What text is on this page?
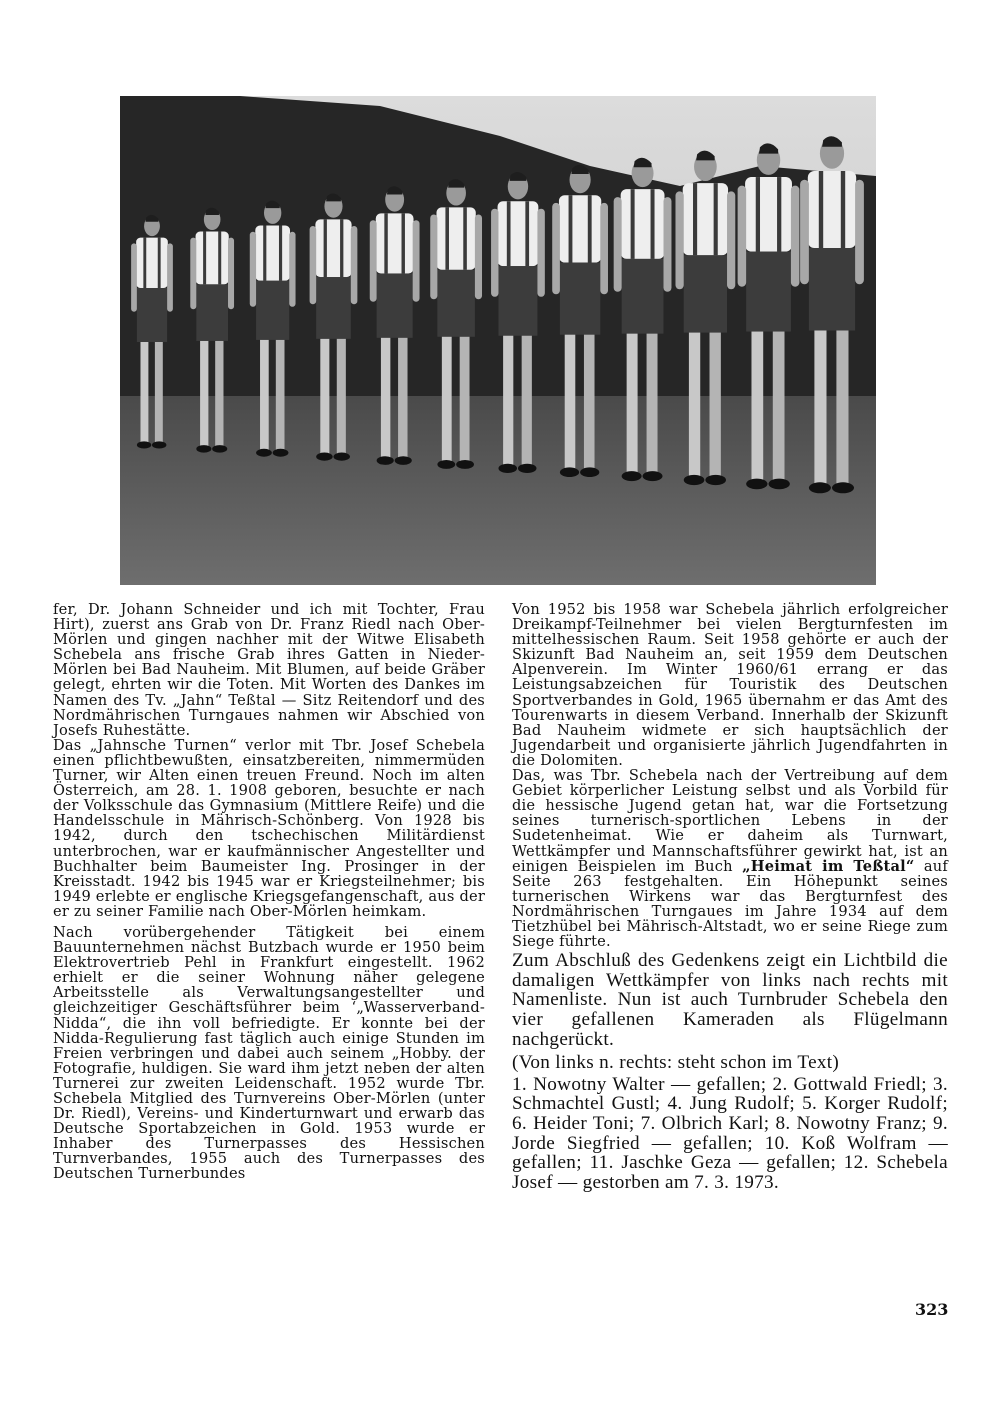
fer, Dr. Johann Schneider und ich mit Tochter, Frau Hirt), zuerst ans Grab von Dr. Franz Riedl nach Ober-Mörlen und gingen nachher mit der Witwe Elisabeth Schebela ans frische Grab ihres Gatten in Nieder-Mörlen bei Bad Nauheim. Mit Blumen, auf beide Gräber gelegt, ehrten wir die Toten. Mit Worten des Dankes im Namen des Tv. „Jahn“ Teßtal — Sitz Reitendorf und des Nordmährischen Turngaues nahmen wir Abschied von Josefs Ruhestätte.

Das „Jahnsche Turnen“ verlor mit Tbr. Josef Schebela einen pflichtbewußten, einsatzbereiten, nimmermüden Turner, wir Alten einen treuen Freund. Noch im alten Österreich, am 28. 1. 1908 geboren, besuchte er nach der Volksschule das Gymnasium (Mittlere Reife) und die Handelsschule in Mährisch-Schönberg. Von 1928 bis 1942, durch den tschechischen Militärdienst unterbrochen, war er kaufmännischer Angestellter und Buchhalter beim Baumeister Ing. Prosinger in der Kreisstadt. 1942 bis 1945 war er Kriegsteilnehmer; bis 1949 erlebte er englische Kriegsgefangenschaft, aus der er zu seiner Familie nach Ober-Mörlen heimkam.

Nach vorübergehender Tätigkeit bei einem Bauunternehmen nächst Butzbach wurde er 1950 beim Elektrovertrieb Pehl in Frankfurt eingestellt. 1962 erhielt er die seiner Wohnung näher gelegene Arbeitsstelle als Verwaltungsangestellter und gleichzeitiger Geschäftsführer beim ‘„Wasserverband-Nidda“, die ihn voll befriedigte. Er konnte bei der Nidda-Regulierung fast täglich auch einige Stunden im Freien verbringen und dabei auch seinem „Hobby. der Fotografie, huldigen. Sie ward ihm jetzt neben der alten Turnerei zur zweiten Leidenschaft. 1952 wurde Tbr. Schebela Mitglied des Turnvereins Ober-Mörlen (unter Dr. Riedl), Vereins- und Kinderturnwart und erwarb das Deutsche Sportabzeichen in Gold. 1953 wurde er Inhaber des Turnerpasses des Hessischen Turnverbandes, 1955 auch des Turnerpasses des Deutschen Turnerbundes

Von 1952 bis 1958 war Schebela jährlich erfolgreicher Dreikampf-Teilnehmer bei vielen Bergturnfesten im mittelhessischen Raum. Seit 1958 gehörte er auch der Skizunft Bad Nauheim an, seit 1959 dem Deutschen Alpenverein. Im Winter 1960/61 errang er das Leistungsabzeichen für Touristik des Deutschen Sportverbandes in Gold, 1965 übernahm er das Amt des Tourenwarts in diesem Verband. Innerhalb der Skizunft Bad Nauheim widmete er sich hauptsächlich der Jugendarbeit und organisierte jährlich Jugendfahrten in die Dolomiten.

Das, was Tbr. Schebela nach der Vertreibung auf dem Gebiet körperlicher Leistung selbst und als Vorbild für die hessische Jugend getan hat, war die Fortsetzung seines turnerisch-sportlichen Lebens in der Sudetenheimat. Wie er daheim als Turnwart, Wettkämpfer und Mannschaftsführer gewirkt hat, ist an einigen Beispielen im Buch „Heimat im Teßtal“ auf Seite 263 festgehalten. Ein Höhepunkt seines turnerischen Wirkens war das Bergturnfest des Nordmährischen Turngaues im Jahre 1934 auf dem Tietzhübel bei Mährisch-Altstadt, wo er seine Riege zum Siege führte.

Zum Abschluß des Gedenkens zeigt ein Lichtbild die damaligen Wettkämpfer von links nach rechts mit Namenliste. Nun ist auch Turnbruder Schebela den vier gefallenen Kameraden als Flügelmann nachgerückt.

(Von links n. rechts: steht schon im Text)

1. Nowotny Walter — gefallen; 2. Gottwald Friedl; 3. Schmachtel Gustl; 4. Jung Rudolf; 5. Korger Rudolf; 6. Heider Toni; 7. Olbrich Karl; 8. Nowotny Franz; 9. Jorde Siegfried — gefallen; 10. Koß Wolfram — gefallen; 11. Jaschke Geza — gefallen; 12. Schebela Josef — gestorben am 7. 3. 1973.

323
